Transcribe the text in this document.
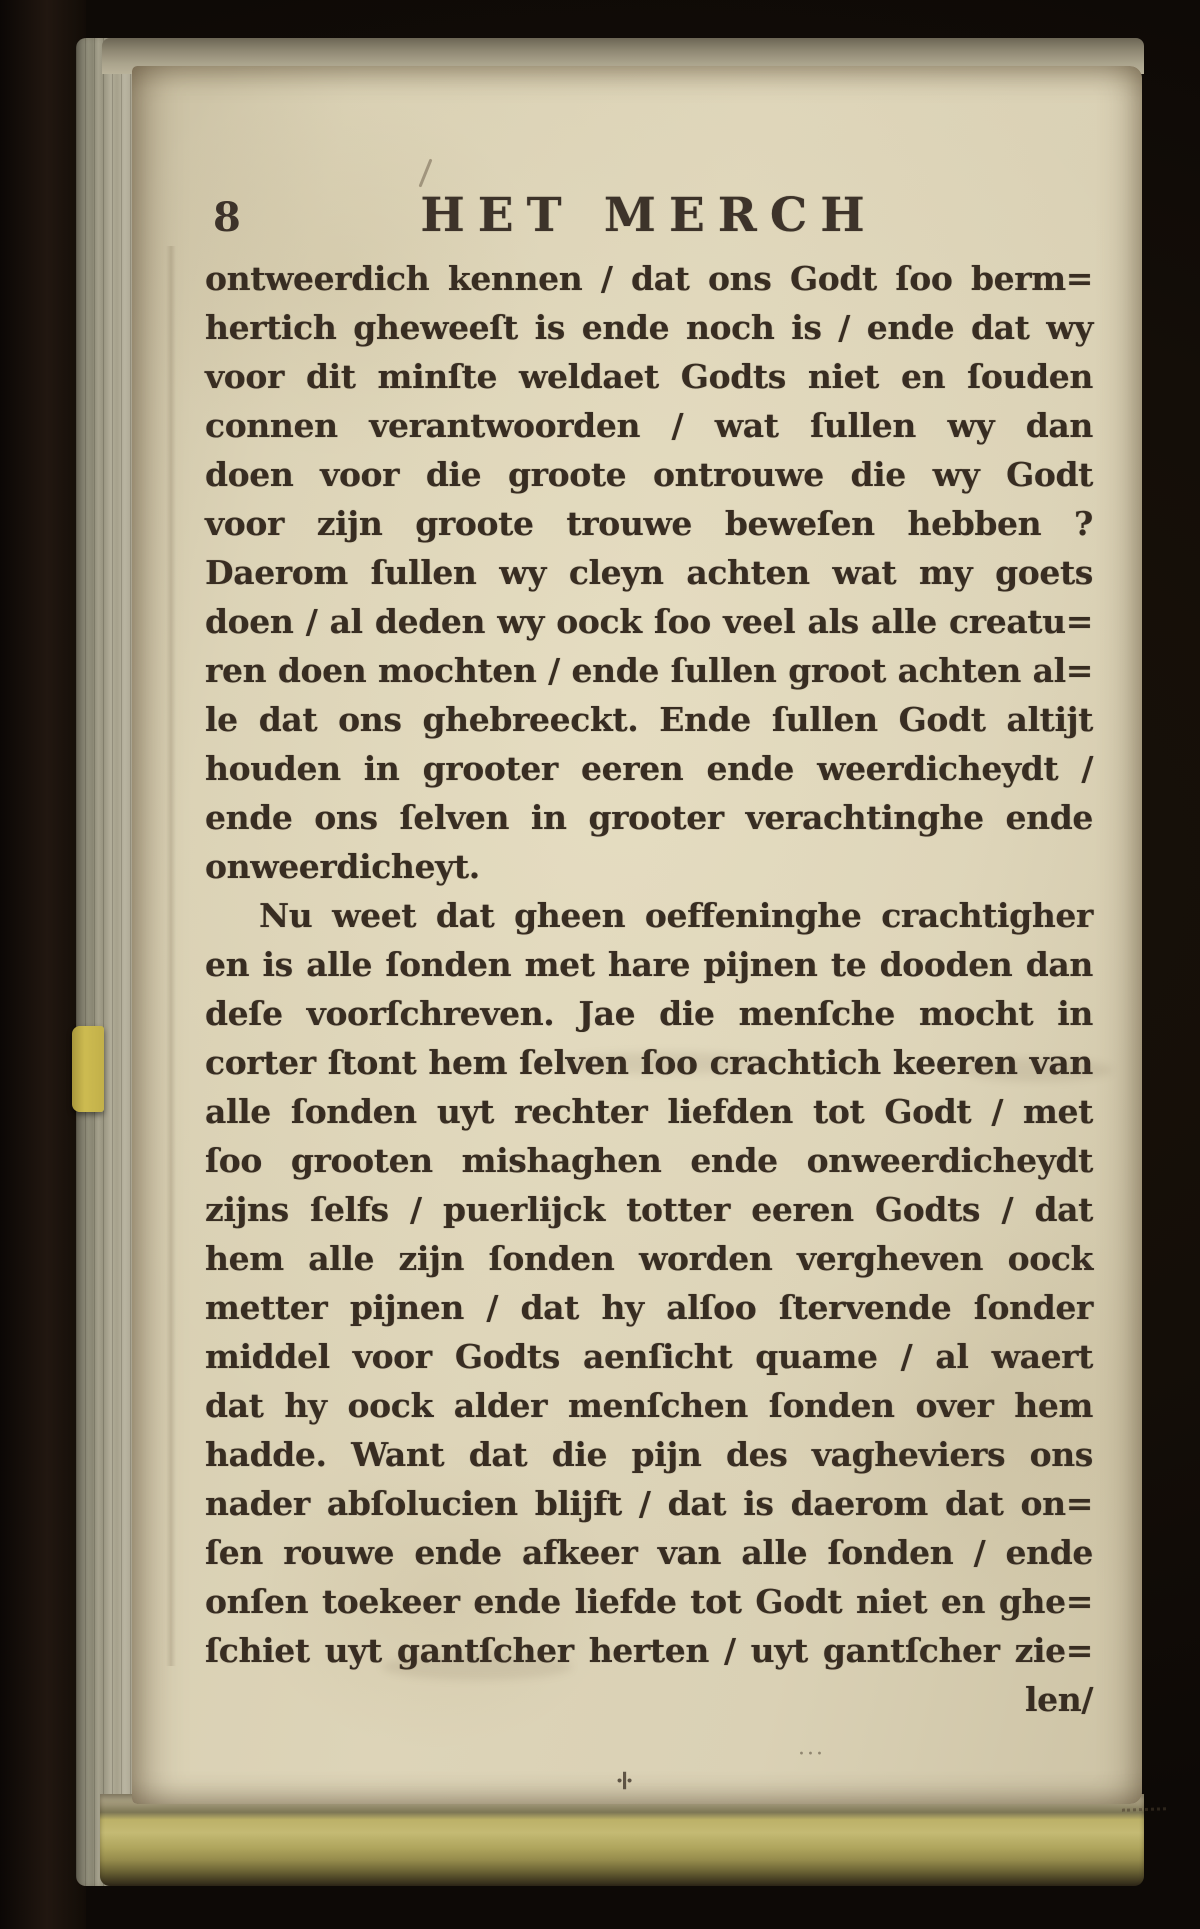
8	HET MERCH
ontweerdich kennen / dat ons Godt ſoo berm=
hertich gheweeſt is ende noch is / ende dat wy
voor dit minſte weldaet Godts niet en ſouden
connen verantwoorden / wat ſullen wy dan
doen voor die groote ontrouwe die wy Godt
voor zijn groote trouwe beweſen hebben ?
Daerom ſullen wy cleyn achten wat my goets
doen / al deden wy oock ſoo veel als alle creatu=
ren doen mochten / ende ſullen groot achten al=
le dat ons ghebreeckt. Ende ſullen Godt altijt
houden in grooter eeren ende weerdicheydt /
ende ons ſelven in grooter verachtinghe ende
onweerdicheyt.
Nu weet dat gheen oeffeninghe crachtigher
en is alle ſonden met hare pijnen te dooden dan
deſe voorſchreven. Jae die menſche mocht in
corter ſtont hem ſelven ſoo crachtich keeren van
alle ſonden uyt rechter liefden tot Godt / met
ſoo grooten mishaghen ende onweerdicheydt
zijns ſelfs / puerlijck totter eeren Godts / dat
hem alle zijn ſonden worden vergheven oock
metter pijnen / dat hy alſoo ſtervende ſonder
middel voor Godts aenſicht quame / al waert
dat hy oock alder menſchen ſonden over hem
hadde. Want dat die pijn des vagheviers ons
nader abſolucien blijft / dat is daerom dat on=
ſen rouwe ende afkeer van alle ſonden / ende
onſen toekeer ende liefde tot Godt niet en ghe=
ſchiet uyt gantſcher herten / uyt gantſcher zie=
len/
÷
···
